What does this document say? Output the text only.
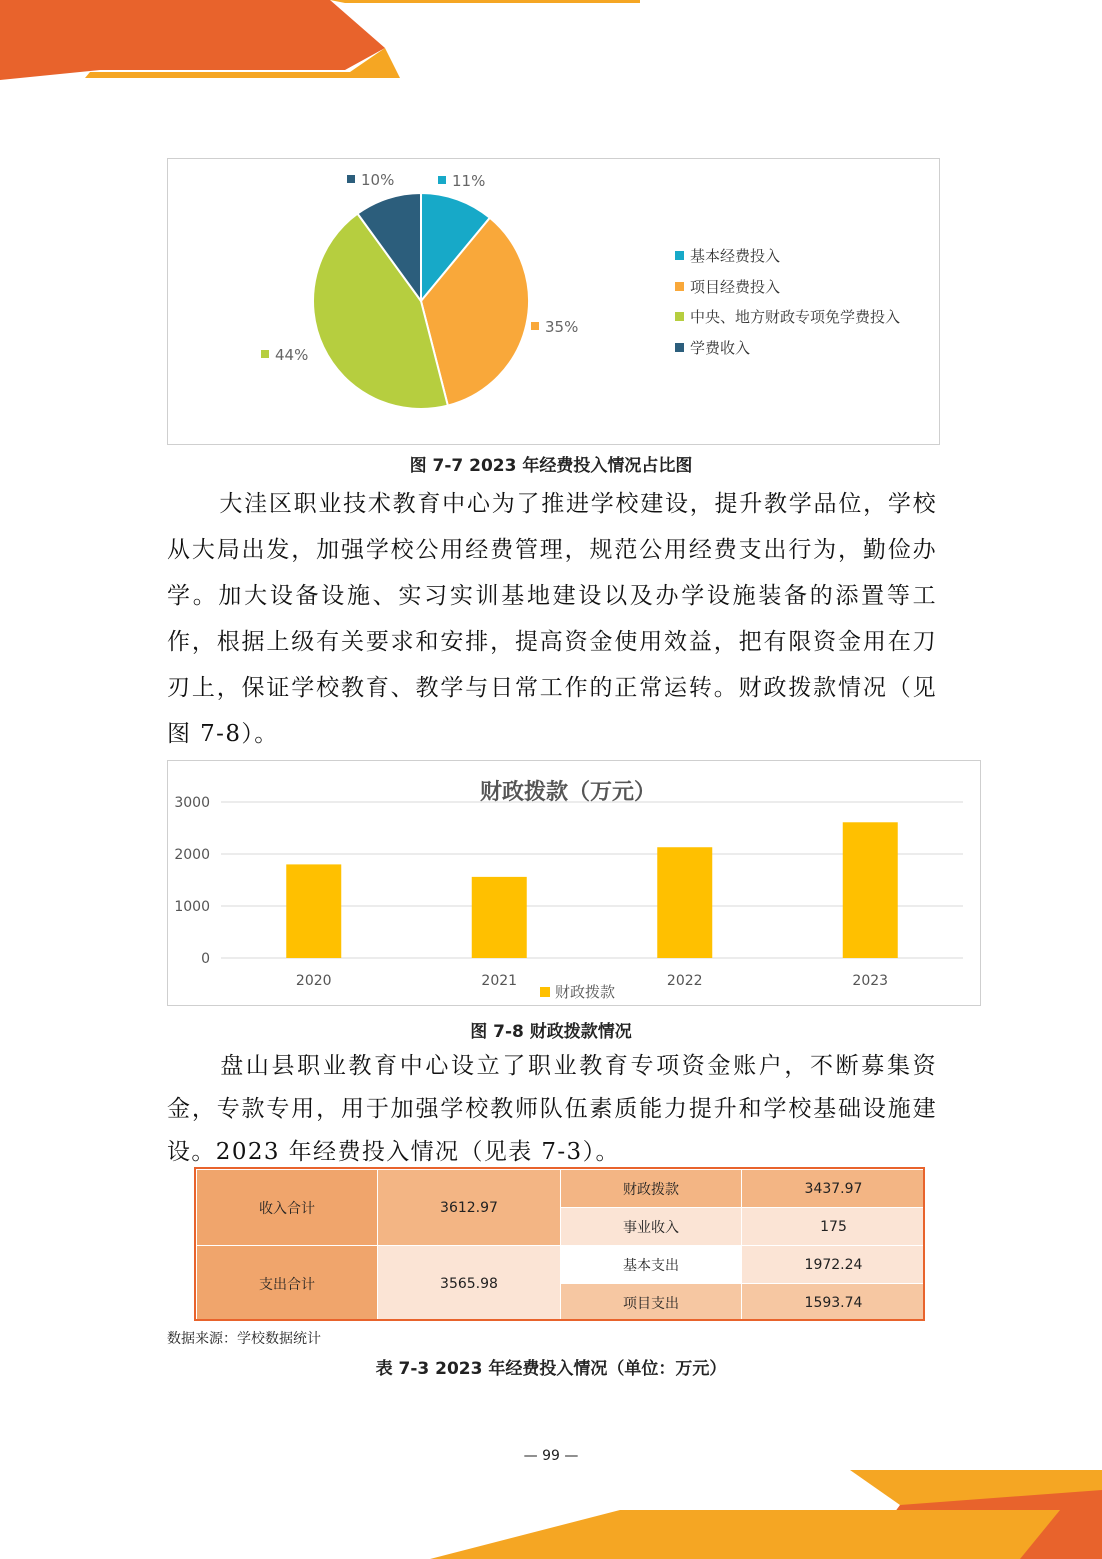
11%
35%
44%
10%
基本经费投入
项目经费投入
中央、地方财政专项免学费投入
学费收入
图 7-7 2023 年经费投入情况占比图
大洼区职业技术教育中心为了推进学校建设，提升教学品位，学校从大局出发，加强学校公用经费管理，规范公用经费支出行为，勤俭办学。加大设备设施、实习实训基地建设以及办学设施装备的添置等工作，根据上级有关要求和安排，提高资金使用效益，把有限资金用在刀刃上，保证学校教育、教学与日常工作的正常运转。财政拨款情况（见图 7-8）。
财政拨款（万元）
0
1000
2000
3000
2020	2021	2022	2023
财政拨款
图 7-8 财政拨款情况
盘山县职业教育中心设立了职业教育专项资金账户，不断募集资金，专款专用，用于加强学校教师队伍素质能力提升和学校基础设施建设。2023 年经费投入情况（见表 7-3）。
收入合计	3612.97	财政拨款	3437.97
		事业收入	175
支出合计	3565.98	基本支出	1972.24
		项目支出	1593.74
数据来源：学校数据统计
表 7-3 2023 年经费投入情况（单位：万元）
— 99 —
